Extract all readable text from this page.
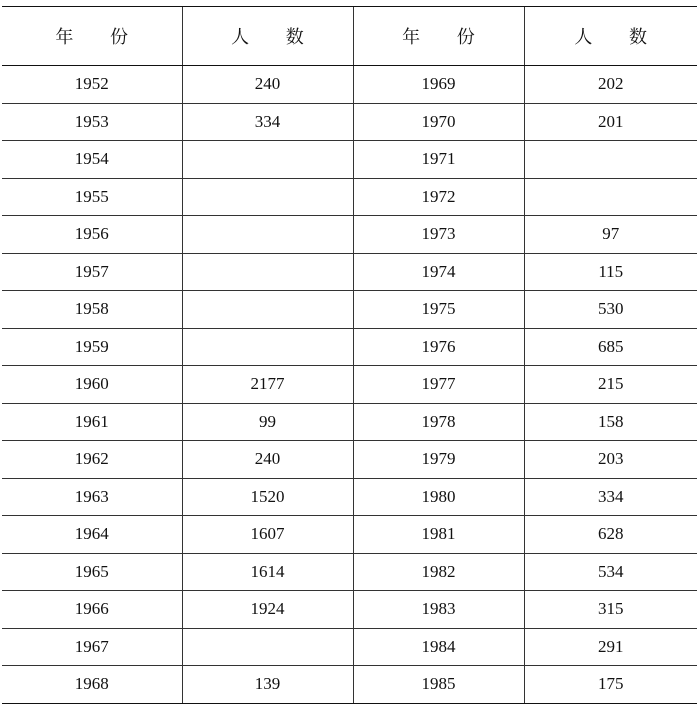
年　　份	人　　数	年　　份	人　　数
1952	240	1969	202
1953	334	1970	201
1954		1971	
1955		1972	
1956		1973	97
1957		1974	115
1958		1975	530
1959		1976	685
1960	2177	1977	215
1961	99	1978	158
1962	240	1979	203
1963	1520	1980	334
1964	1607	1981	628
1965	1614	1982	534
1966	1924	1983	315
1967		1984	291
1968	139	1985	175
